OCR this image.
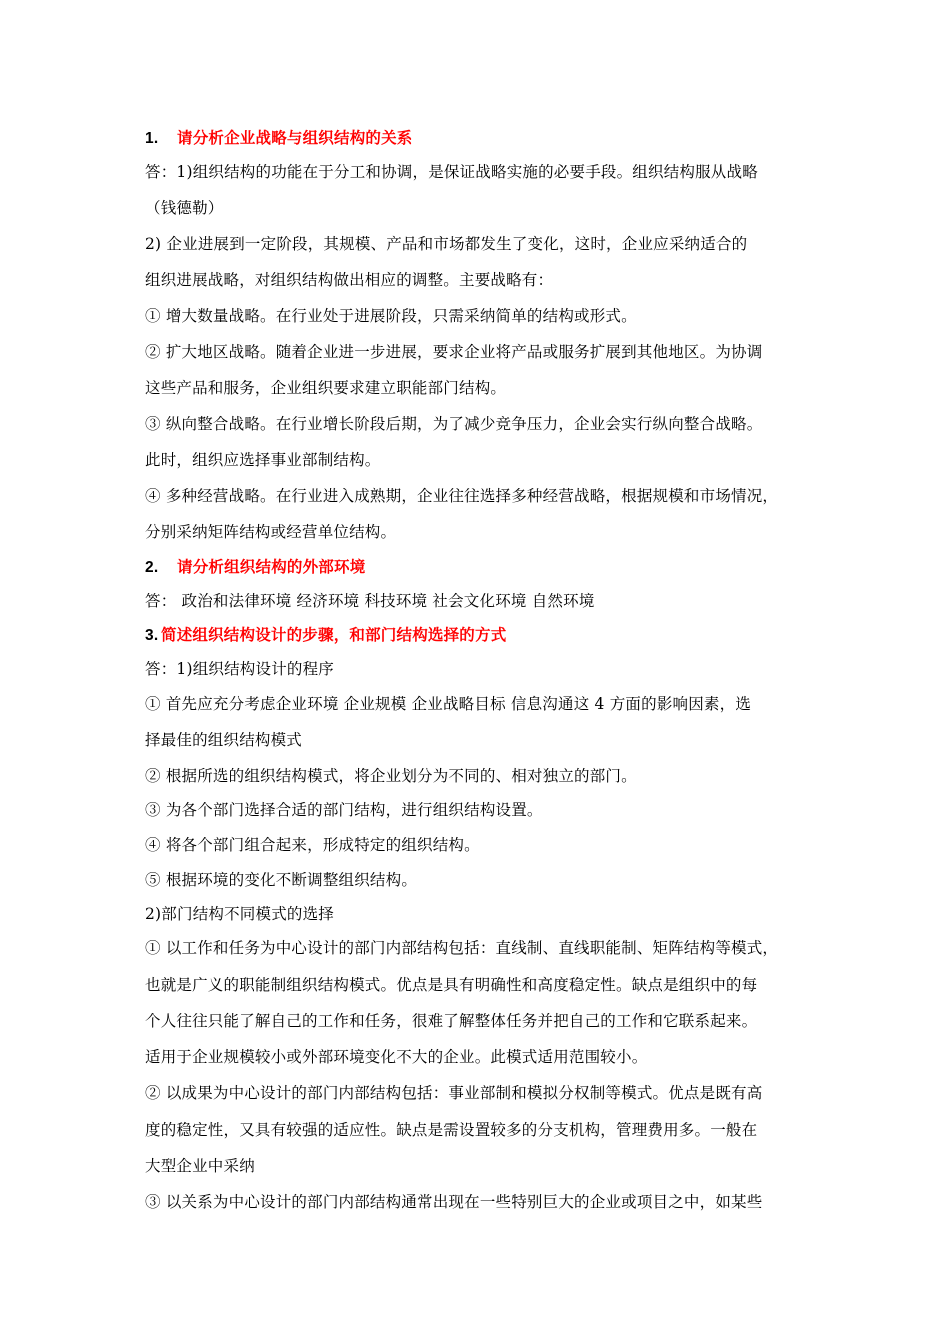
1. 请分析企业战略与组织结构的关系
答：1)组织结构的功能在于分工和协调，是保证战略实施的必要手段。组织结构服从战略
（钱德勒）
2) 企业进展到一定阶段，其规模、产品和市场都发生了变化，这时，企业应采纳适合的
组织进展战略，对组织结构做出相应的调整。主要战略有：
① 增大数量战略。在行业处于进展阶段，只需采纳简单的结构或形式。
② 扩大地区战略。随着企业进一步进展，要求企业将产品或服务扩展到其他地区。为协调
这些产品和服务，企业组织要求建立职能部门结构。
③ 纵向整合战略。在行业增长阶段后期，为了减少竞争压力，企业会实行纵向整合战略。
此时，组织应选择事业部制结构。
④ 多种经营战略。在行业进入成熟期，企业往往选择多种经营战略，根据规模和市场情况，
分别采纳矩阵结构或经营单位结构。
2. 请分析组织结构的外部环境
答： 政治和法律环境 经济环境 科技环境 社会文化环境 自然环境
3. 简述组织结构设计的步骤，和部门结构选择的方式
答：1)组织结构设计的程序
① 首先应充分考虑企业环境 企业规模 企业战略目标 信息沟通这 4 方面的影响因素，选
择最佳的组织结构模式
② 根据所选的组织结构模式，将企业划分为不同的、相对独立的部门。
③ 为各个部门选择合适的部门结构，进行组织结构设置。
④ 将各个部门组合起来，形成特定的组织结构。
⑤ 根据环境的变化不断调整组织结构。
2)部门结构不同模式的选择
① 以工作和任务为中心设计的部门内部结构包括：直线制、直线职能制、矩阵结构等模式，
也就是广义的职能制组织结构模式。优点是具有明确性和高度稳定性。缺点是组织中的每
个人往往只能了解自己的工作和任务，很难了解整体任务并把自己的工作和它联系起来。
适用于企业规模较小或外部环境变化不大的企业。此模式适用范围较小。
② 以成果为中心设计的部门内部结构包括：事业部制和模拟分权制等模式。优点是既有高
度的稳定性，又具有较强的适应性。缺点是需设置较多的分支机构，管理费用多。一般在
大型企业中采纳
③ 以关系为中心设计的部门内部结构通常出现在一些特别巨大的企业或项目之中，如某些
